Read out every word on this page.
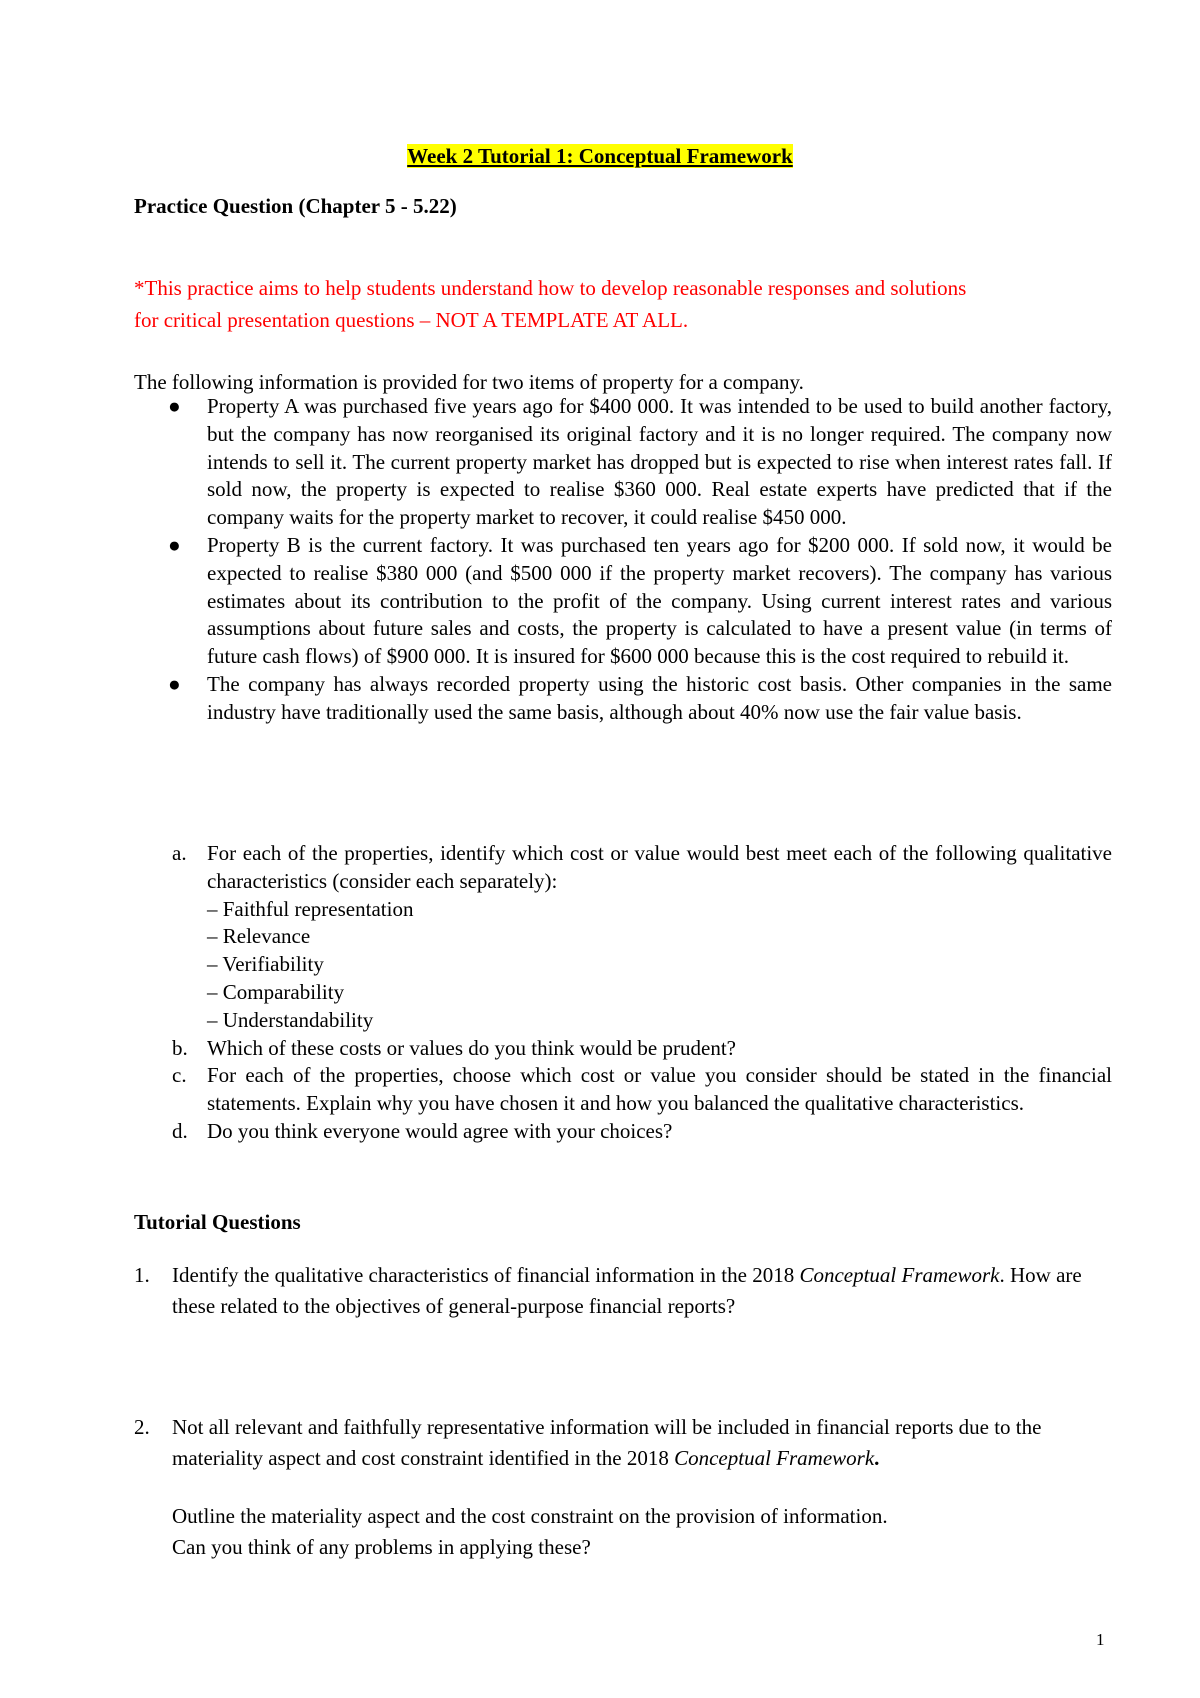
Week 2 Tutorial 1: Conceptual Framework
Practice Question (Chapter 5 - 5.22)
*This practice aims to help students understand how to develop reasonable responses and solutions
for critical presentation questions – NOT A TEMPLATE AT ALL.
The following information is provided for two items of property for a company.
● Property A was purchased five years ago for $400 000. It was intended to be used to build another factory, but the company has now reorganised its original factory and it is no longer required. The company now intends to sell it. The current property market has dropped but is expected to rise when interest rates fall. If sold now, the property is expected to realise $360 000. Real estate experts have predicted that if the company waits for the property market to recover, it could realise $450 000.
● Property B is the current factory. It was purchased ten years ago for $200 000. If sold now, it would be expected to realise $380 000 (and $500 000 if the property market recovers). The company has various estimates about its contribution to the profit of the company. Using current interest rates and various assumptions about future sales and costs, the property is calculated to have a present value (in terms of future cash flows) of $900 000. It is insured for $600 000 because this is the cost required to rebuild it.
● The company has always recorded property using the historic cost basis. Other companies in the same industry have traditionally used the same basis, although about 40% now use the fair value basis.
a. For each of the properties, identify which cost or value would best meet each of the following qualitative characteristics (consider each separately):
– Faithful representation
– Relevance
– Verifiability
– Comparability
– Understandability
b. Which of these costs or values do you think would be prudent?
c. For each of the properties, choose which cost or value you consider should be stated in the financial statements. Explain why you have chosen it and how you balanced the qualitative characteristics.
d. Do you think everyone would agree with your choices?
Tutorial Questions
1. Identify the qualitative characteristics of financial information in the 2018 Conceptual Framework. How are these related to the objectives of general-purpose financial reports?
2. Not all relevant and faithfully representative information will be included in financial reports due to the materiality aspect and cost constraint identified in the 2018 Conceptual Framework.
Outline the materiality aspect and the cost constraint on the provision of information.
Can you think of any problems in applying these?
1
